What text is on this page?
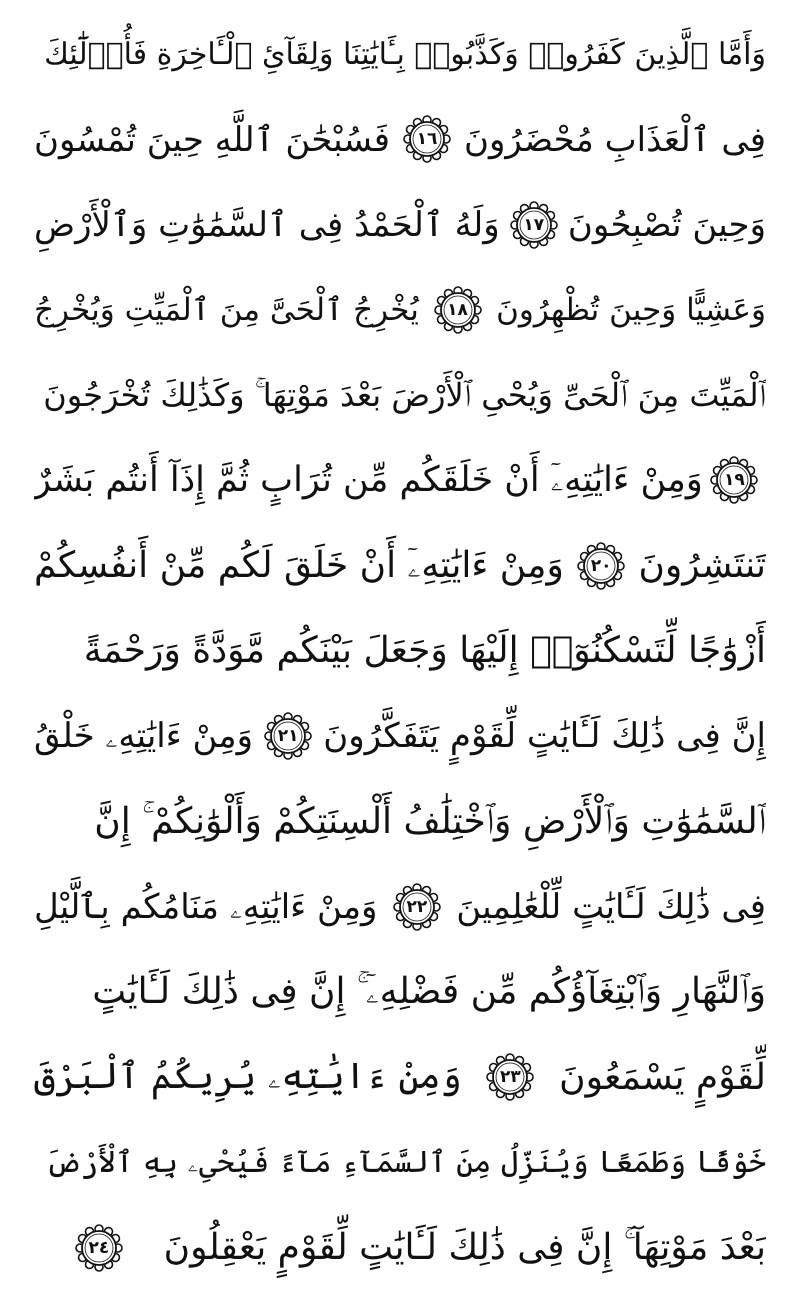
وَأَمَّا ٱلَّذِينَ كَفَرُوا۟ وَكَذَّبُوا۟ بِـَٔايَٰتِنَا وَلِقَآئِ ٱلْـَٔاخِرَةِ فَأُو۟لَٰٓئِكَ
فِى ٱلْعَذَابِ مُحْضَرُونَ
١٦
فَسُبْحَٰنَ ٱللَّهِ حِينَ تُمْسُونَ
وَحِينَ تُصْبِحُونَ
١٧
وَلَهُ ٱلْحَمْدُ فِى ٱلسَّمَٰوَٰتِ وَٱلْأَرْضِ
وَعَشِيًّا وَحِينَ تُظْهِرُونَ
١٨
يُخْرِجُ ٱلْحَىَّ مِنَ ٱلْمَيِّتِ وَيُخْرِجُ
ٱلْمَيِّتَ مِنَ ٱلْحَىِّ وَيُحْىِ ٱلْأَرْضَ بَعْدَ مَوْتِهَا ۚ وَكَذَٰلِكَ تُخْرَجُونَ
١٩
وَمِنْ ءَايَٰتِهِۦٓ أَنْ خَلَقَكُم مِّن تُرَابٍ ثُمَّ إِذَآ أَنتُم بَشَرٌ
تَنتَشِرُونَ
٢٠
وَمِنْ ءَايَٰتِهِۦٓ أَنْ خَلَقَ لَكُم مِّنْ أَنفُسِكُمْ
أَزْوَٰجًا لِّتَسْكُنُوٓا۟ إِلَيْهَا وَجَعَلَ بَيْنَكُم مَّوَدَّةً وَرَحْمَةً
إِنَّ فِى ذَٰلِكَ لَـَٔايَٰتٍ لِّقَوْمٍ يَتَفَكَّرُونَ
٢١
وَمِنْ ءَايَٰتِهِۦ خَلْقُ
ٱلسَّمَٰوَٰتِ وَٱلْأَرْضِ وَٱخْتِلَٰفُ أَلْسِنَتِكُمْ وَأَلْوَٰنِكُمْ ۚ إِنَّ
فِى ذَٰلِكَ لَـَٔايَٰتٍ لِّلْعَٰلِمِينَ
٢٢
وَمِنْ ءَايَٰتِهِۦ مَنَامُكُم بِٱلَّيْلِ
وَٱلنَّهَارِ وَٱبْتِغَآؤُكُم مِّن فَضْلِهِۦٓ ۚ إِنَّ فِى ذَٰلِكَ لَـَٔايَٰتٍ
لِّقَوْمٍ يَسْمَعُونَ
٢٣
وَمِنْ ءَايَٰتِهِۦ يُرِيكُمُ ٱلْبَرْقَ
خَوْفًا وَطَمَعًا وَيُنَزِّلُ مِنَ ٱلسَّمَآءِ مَآءً فَيُحْىِۦ بِهِ ٱلْأَرْضَ
بَعْدَ مَوْتِهَآ ۚ إِنَّ فِى ذَٰلِكَ لَـَٔايَٰتٍ لِّقَوْمٍ يَعْقِلُونَ
٢٤
